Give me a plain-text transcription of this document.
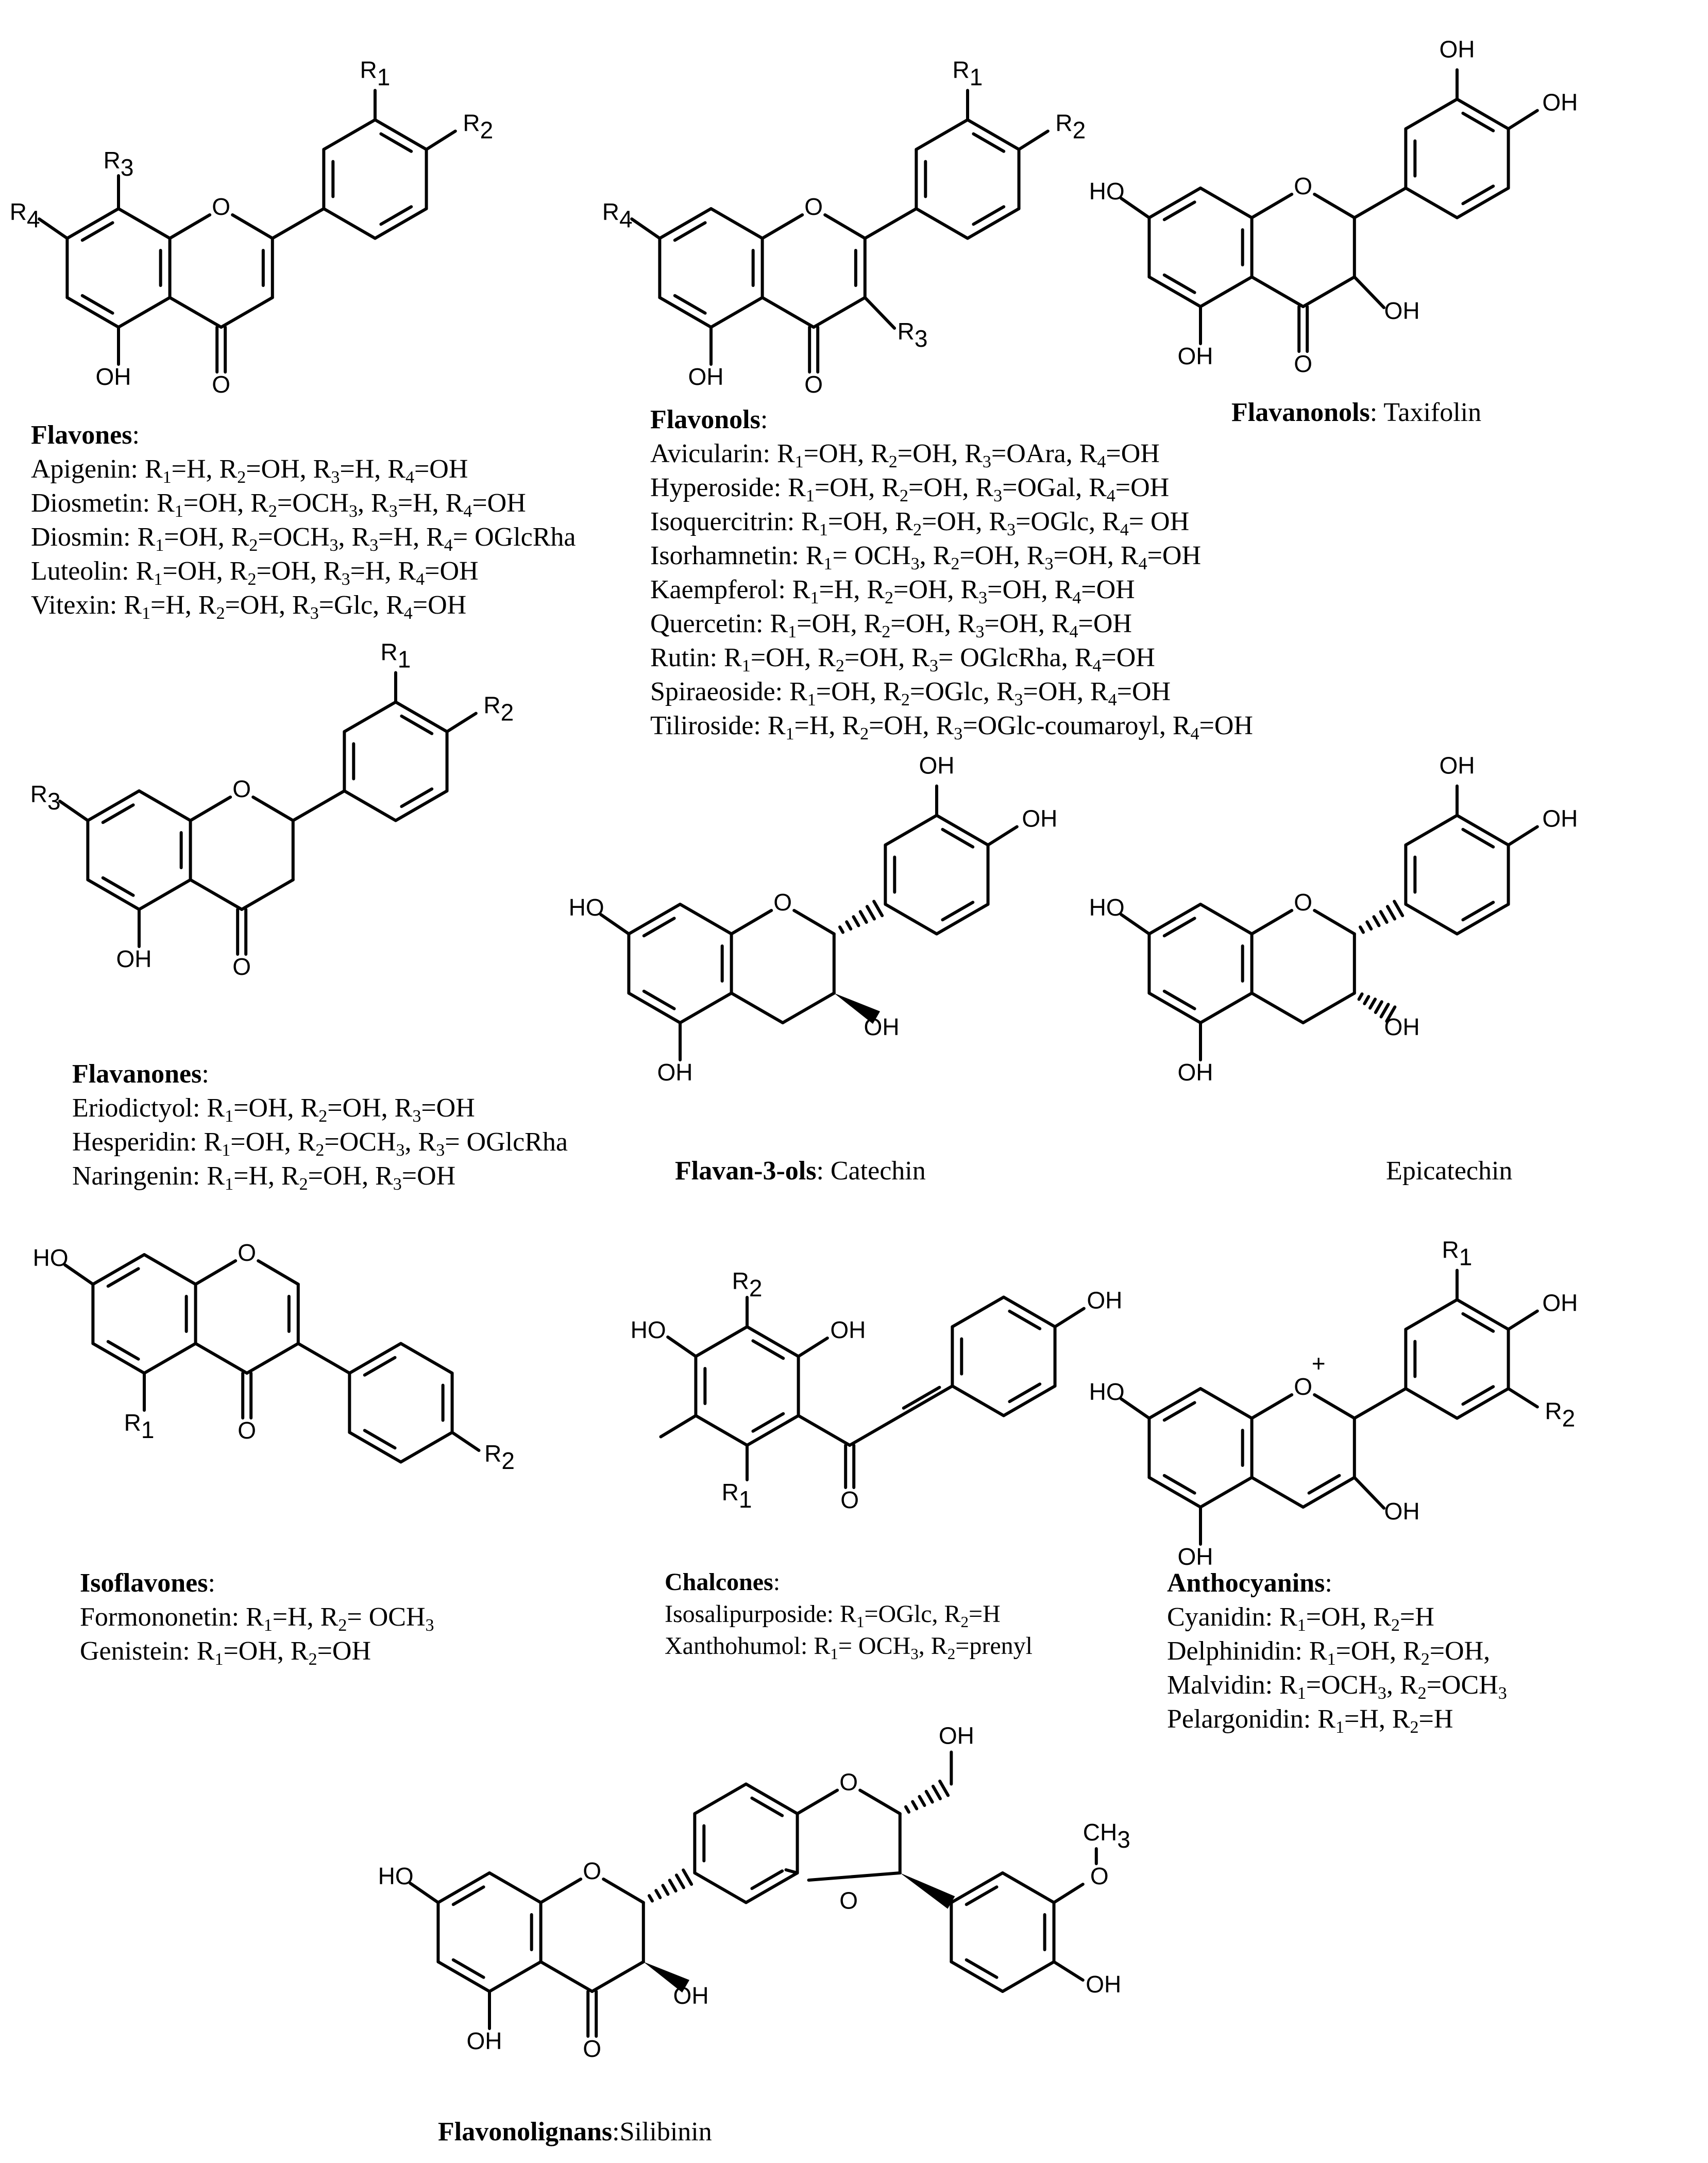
O
O
OH
R4
R3
R1
R2
O
O
OH
R4
R3
R1
R2
O
O
OH
HO
OH
OH
OH
O
O
OH
R3
R1
R2
O
OH
HO
OH
OH
OH
O
OH
HO
OH
OH
OH
O
O
HO
R1
R2
HO
R2
OH
R1	O
OH
O
+
OH
HO
OH
R1
OH
R2
O
O
OH
HO
OH
O
O
OH
O
CH3
OH
Flavones:
Apigenin: $R_1=H$, $R_2=OH$, $R_3=H$, $R_4=OH$
Diosmetin: $R_1=OH$, $R_2=OCH_3$, $R_3=H$, $R_4=OH$
Diosmin: $R_1=OH$, $R_2=OCH_3$, $R_3=H$, $R_4=$ OGlcRha
Luteolin: $R_1=OH$, $R_2=OH$, $R_3=H$, $R_4=OH$
Vitexin: $R_1=H$, $R_2=OH$, $R_3=Glc$, $R_4=OH$
Flavonols:
Avicularin: $R_1=OH$, $R_2=OH$, $R_3=OAra$, $R_4=OH$
Hyperoside: $R_1=OH$, $R_2=OH$, $R_3=OGal$, $R_4=OH$
Isoquercitrin: $R_1=OH$, $R_2=OH$, $R_3=OGlc$, $R_4=$ OH
Isorhamnetin: $R_1= OCH_3$, $R_2=OH$, $R_3=OH$, $R_4=OH$
Kaempferol: $R_1=H$, $R_2=OH$, $R_3=OH$, $R_4=OH$
Quercetin: $R_1=OH$, $R_2=OH$, $R_3=OH$, $R_4=OH$
Rutin: $R_1=OH$, $R_2=OH$, $R_3=$ OGlcRha, $R_4=OH$
Spiraeoside: $R_1=OH$, $R_2=OGlc$, $R_3=OH$, $R_4=OH$
Tiliroside: $R_1=H$, $R_2=OH$, $R_3=OGlc$-coumaroyl, $R_4=OH$
Flavanonols: Taxifolin
Flavanones:
Eriodictyol: $R_1=OH$, $R_2=OH$, $R_3=OH$
Hesperidin: $R_1=OH$, $R_2=OCH_3$, $R_3=$ OGlcRha
Naringenin: $R_1=H$, $R_2=OH$, $R_3=OH$	Flavan-3-ols: Catechin	Epicatechin
Isoflavones:
Formononetin: $R_1=H$, $R_2= OCH_3$
Genistein: $R_1=OH$, $R_2=OH$
Chalcones:
Isosalipurposide: $R_1=OGlc$, $R_2=H$
Xanthohumol: $R_1= OCH_3$, $R_2=prenyl$
Anthocyanins:
Cyanidin: $R_1=OH$, $R_2=H$
Delphinidin: $R_1=OH$, $R_2=OH$,
Malvidin: $R_1=OCH_3$, $R_2=OCH_3$
Pelargonidin: $R_1=H$, $R_2=H$
Flavonolignans:Silibinin
